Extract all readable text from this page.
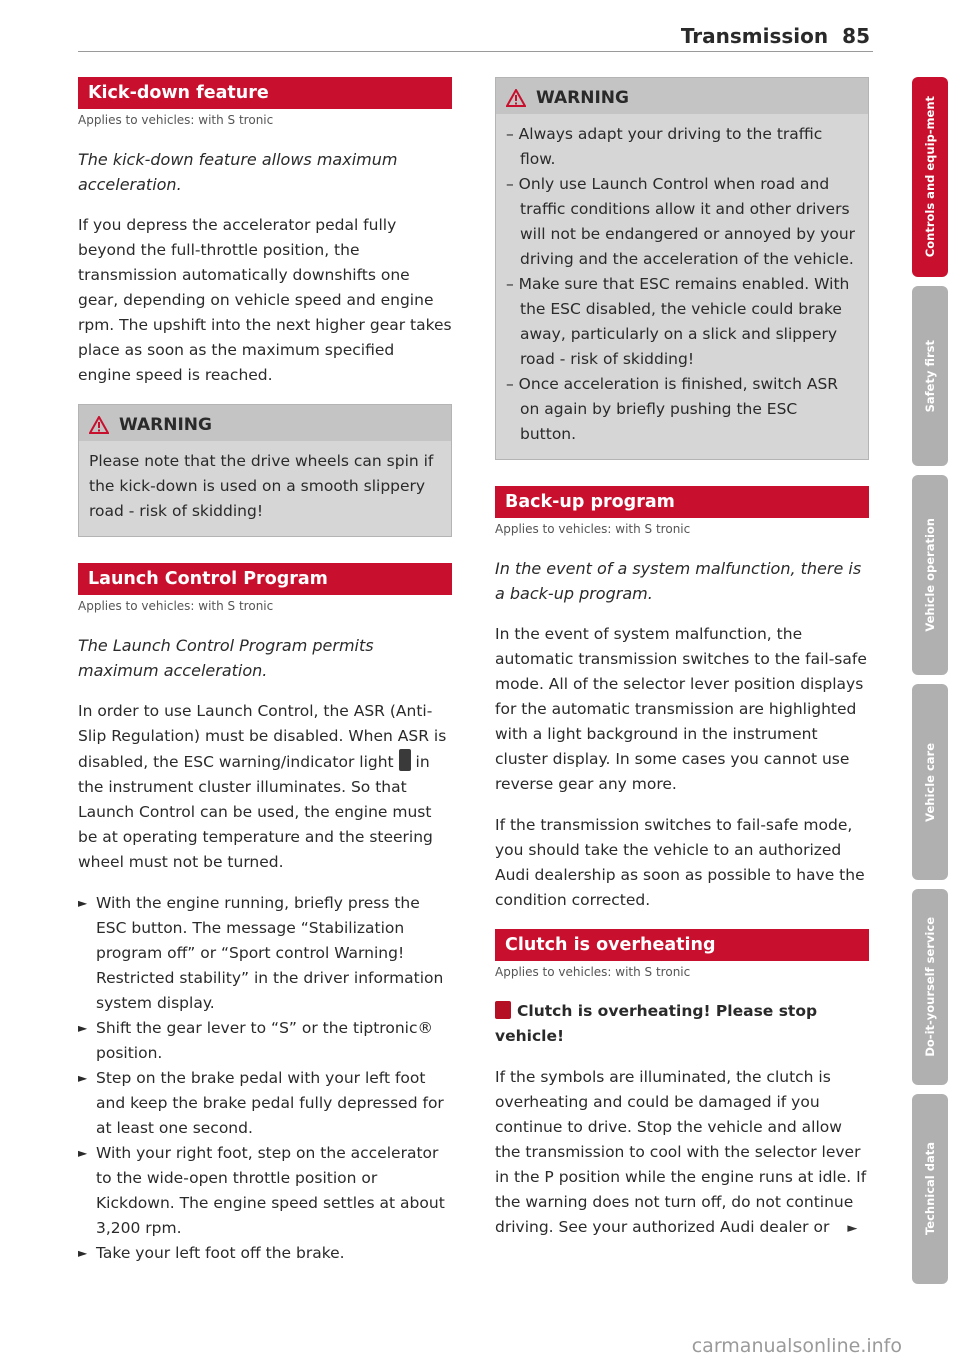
Transmission 85
Kick-down feature
Applies to vehicles: with S tronic

The kick-down feature allows maximum acceleration.

If you depress the accelerator pedal fully beyond the full-throttle position, the transmission automatically downshifts one gear, depending on vehicle speed and engine rpm. The upshift into the next higher gear takes place as soon as the maximum specified engine speed is reached.

WARNING
Please note that the drive wheels can spin if the kick-down is used on a smooth slippery road - risk of skidding!
Launch Control Program
Applies to vehicles: with S tronic

The Launch Control Program permits maximum acceleration.

In order to use Launch Control, the ASR (Anti-Slip Regulation) must be disabled. When ASR is disabled, the ESC warning/indicator light in the instrument cluster illuminates. So that Launch Control can be used, the engine must be at operating temperature and the steering wheel must not be turned.

► With the engine running, briefly press the ESC button. The message “Stabilization program off” or “Sport control Warning! Restricted stability” in the driver information system display.
► Shift the gear lever to “S” or the tiptronic® position.
► Step on the brake pedal with your left foot and keep the brake pedal fully depressed for at least one second.
► With your right foot, step on the accelerator to the wide-open throttle position or Kickdown. The engine speed settles at about 3,200 rpm.
► Take your left foot off the brake.
WARNING
– Always adapt your driving to the traffic flow.
– Only use Launch Control when road and traffic conditions allow it and other drivers will not be endangered or annoyed by your driving and the acceleration of the vehicle.
– Make sure that ESC remains enabled. With the ESC disabled, the vehicle could brake away, particularly on a slick and slippery road - risk of skidding!
– Once acceleration is finished, switch ASR on again by briefly pushing the ESC button.
Back-up program
Applies to vehicles: with S tronic

In the event of a system malfunction, there is a back-up program.

In the event of system malfunction, the automatic transmission switches to the fail-safe mode. All of the selector lever position displays for the automatic transmission are highlighted with a light background in the instrument cluster display. In some cases you cannot use reverse gear any more.

If the transmission switches to fail-safe mode, you should take the vehicle to an authorized Audi dealership as soon as possible to have the condition corrected.

Clutch is overheating
Applies to vehicles: with S tronic

Clutch is overheating! Please stop vehicle!

If the symbols are illuminated, the clutch is overheating and could be damaged if you continue to drive. Stop the vehicle and allow the transmission to cool with the selector lever in the P position while the engine runs at idle. If the warning does not turn off, do not continue driving. See your authorized Audi dealer or ►

Controls and equip-ment
Safety first
Vehicle operation
Vehicle care
Do-it-yourself service
Technical data
carmanualsonline.info
